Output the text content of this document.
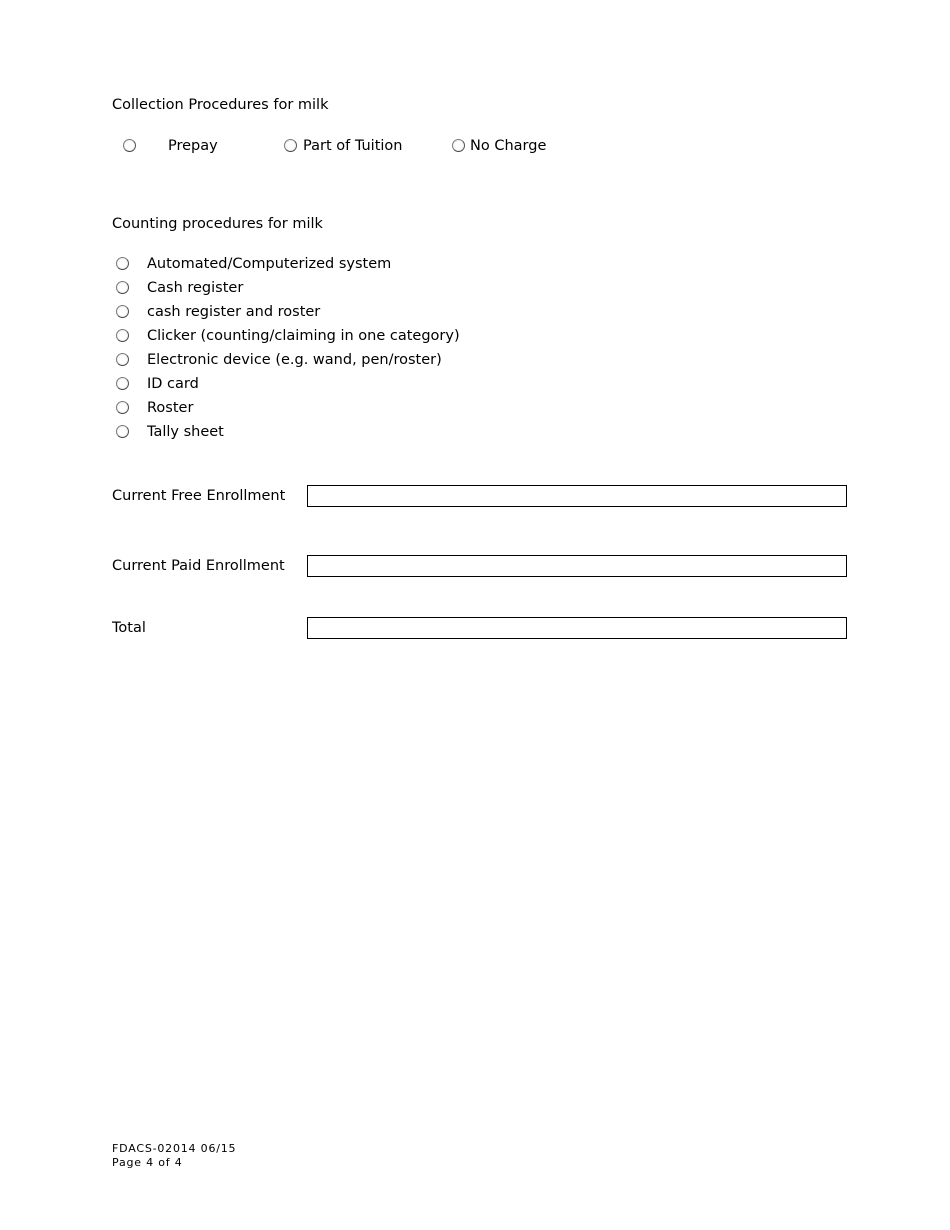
Collection Procedures for milk
Prepay	Part of Tuition	No Charge
Counting procedures for milk
Automated/Computerized system
Cash register
cash register and roster
Clicker (counting/claiming in one category)
Electronic device (e.g. wand, pen/roster)
ID card
Roster
Tally sheet
Current Free Enrollment
Current Paid Enrollment
Total
FDACS-02014 06/15
Page 4 of 4
